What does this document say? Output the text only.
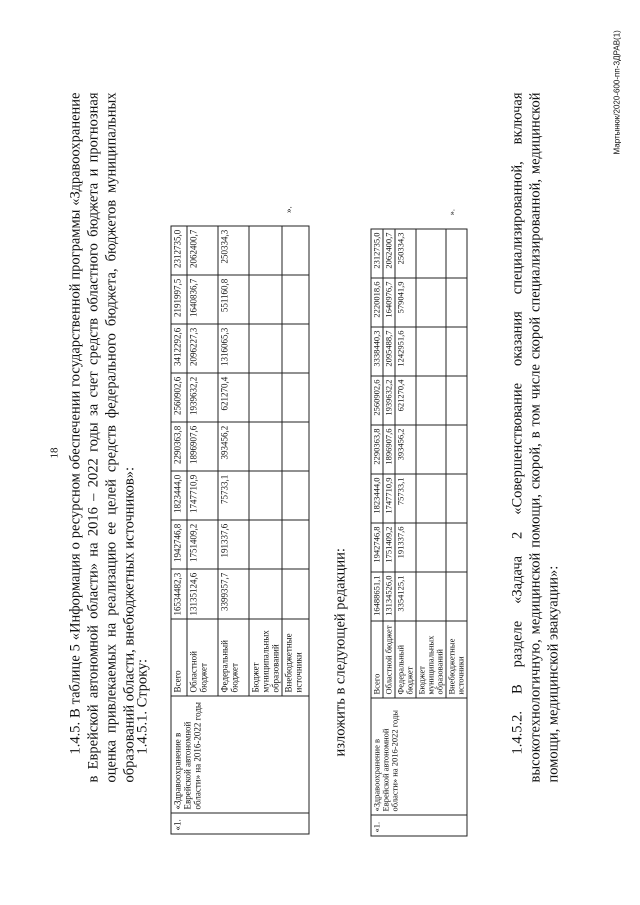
18 1.4.5. В таблице 5 «Информация о ресурсном обеспечении государственной программы «Здравоохранение в Еврейской автономной области» на 2016 – 2022 годы за счет средств областного бюджета и прогнозная оценка привлекаемых на реализацию ее целей средств федерального бюджета, бюджетов муниципальных образований области, внебюджетных источников»:
1.4.5.1. Строку:
«1.	«Здравоохранение в Еврейской автономной области» на 2016-2022 годы	Всего	16534482,3	1942746,8	1823444,0	2290363,8	2560902,6	3412292,6	2191997,5	2312735,0	
		Областной бюджет	13135124,6	1751409,2	1747710,9	1896907,6	1939632,2	2096227,3	1640836,7	2062400,7	
		Федеральный бюджет	3399357,7	191337,6	75733,1	393456,2	621270,4	1316065,3	551160,8	250334,3	
		Бюджет муниципальных образований									
		Внебюджетные источники									».
изложить в следующей редакции:
«1.	«Здравоохранение в Еврейской автономной области» на 2016-2022 годы	Всего	16488651,1	1942746,8	1823444,0	2290363,8	2560902,6	3338440,3	2220018,6	2312735,0	
		Областной бюджет	13134526,0	1751409,2	1747710,9	1896907,6	1939632,2	2095488,7	1640976,7	2062400,7	
		Федеральный бюджет	3354125,1	191337,6	75733,1	393456,2	621270,4	1242951,6	579041,9	250334,3	
		Бюджет муниципальных образований									
		Внебюджетные источники									».	1.4.5.2. В разделе «Задача 2 «Совершенствование оказания специализированной, включая высокотехнологичную, медицинской помощи, скорой, в том числе скорой специализированной, медицинской помощи, медицинской эвакуации»:
Мартынюк/2020-600-пп-ЗДРАВ(1)
